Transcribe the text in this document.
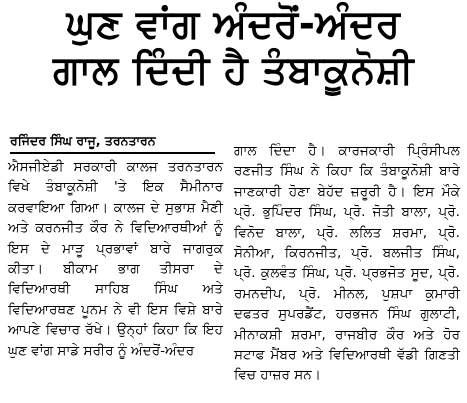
ਘੁਣ ਵਾਂਗ ਅੰਦਰੋਂ-ਅੰਦਰ
ਗਾਲ ਦਿੰਦੀ ਹੈ ਤੰਬਾਕੂਨੋਸ਼ੀ
ਰਜਿੰਦਰ ਸਿੰਘ ਰਾਜੂ, ਤਰਨਤਾਰਨ
ਐਸਜੀਏਡੀ ਸਰਕਾਰੀ ਕਾਲਜ ਤਰਨਤਾਰਨ ਵਿਖੇ ਤੰਬਾਕੂਨੋਸ਼ੀ 'ਤੇ ਇਕ ਸੈਮੀਨਾਰ ਕਰਵਾਇਆ ਗਿਆ। ਕਾਲਜ ਦੇ ਸੁਭਾਸ਼ ਮੈਣੀ ਅਤੇ ਕਰਨਜੀਤ ਕੌਰ ਨੇ ਵਿਦਿਆਰਥੀਆਂ ਨੂੰ ਇਸ ਦੇ ਮਾੜੂ ਪ੍ਰਭਾਵਾਂ ਬਾਰੇ ਜਾਗਰੁਕ ਕੀਤਾ। ਬੀਕਾਮ ਭਾਗ ਤੀਸਰਾ ਦੇ ਵਿਦਿਆਰਥੀ ਸਾਹਿਬ ਸਿੰਘ ਅਤੇ ਵਿਦਿਆਰਥਣ ਪੂਨਮ ਨੇ ਵੀ ਇਸ ਵਿਸ਼ੇ ਬਾਰੇ ਆਪਣੇ ਵਿਚਾਰ ਰੱਖੇ। ਉਨ੍ਹਾਂ ਕਿਹਾ ਕਿ ਇਹ ਘੁਣ ਵਾਂਗ ਸਾਡੇ ਸਰੀਰ ਨੂੰ ਅੰਦਰੋਂ-ਅੰਦਰ
ਗਾਲ ਦਿੰਦਾ ਹੈ। ਕਾਰਜਕਾਰੀ ਪ੍ਰਿੰਸੀਪਲ ਰਣਜੀਤ ਸਿੰਘ ਨੇ ਕਿਹਾ ਕਿ ਤੰਬਾਕੂਨੋਸ਼ੀ ਬਾਰੇ ਜਾਣਕਾਰੀ ਹੋਣਾ ਬੇਹੱਦ ਜ਼ਰੂਰੀ ਹੈ। ਇਸ ਮੌਕੇ ਪ੍ਰੋ. ਭੁਪਿੰਦਰ ਸਿੰਘ, ਪ੍ਰੋ. ਜੋਤੀ ਬਾਲਾ, ਪ੍ਰੋ. ਵਿਨੋਦ ਬਾਲਾ, ਪ੍ਰੋ. ਲਲਿਤ ਸ਼ਰਮਾ, ਪ੍ਰੋ. ਸੋਨੀਆ, ਕਿਰਨਜੀਤ, ਪ੍ਰੋ. ਬਲਜੀਤ ਸਿੰਘ, ਪ੍ਰੋ. ਕੁਲਵੰਤ ਸਿੰਘ, ਪ੍ਰੋ. ਪ੍ਰਭਜੋਤ ਸੂਦ, ਪ੍ਰੋ. ਰਮਨਦੀਪ, ਪ੍ਰੋ. ਮੀਨਲ, ਪੁਸ਼ਪਾ ਕੁਮਾਰੀ ਦਫਤਰ ਸੁਪਰਡੈਂਟ, ਹਰਭਜਨ ਸਿੰਘ ਗੁਲਾਟੀ, ਮੀਨਾਕਸ਼ੀ ਸ਼ਰਮਾ, ਰਾਜਬੀਰ ਕੌਰ ਅਤੇ ਹੋਰ ਸਟਾਫ ਮੈਂਬਰ ਅਤੇ ਵਿਦਿਆਰਥੀ ਵੱਡੀ ਗਿਣਤੀ ਵਿਚ ਹਾਜ਼ਰ ਸਨ।
